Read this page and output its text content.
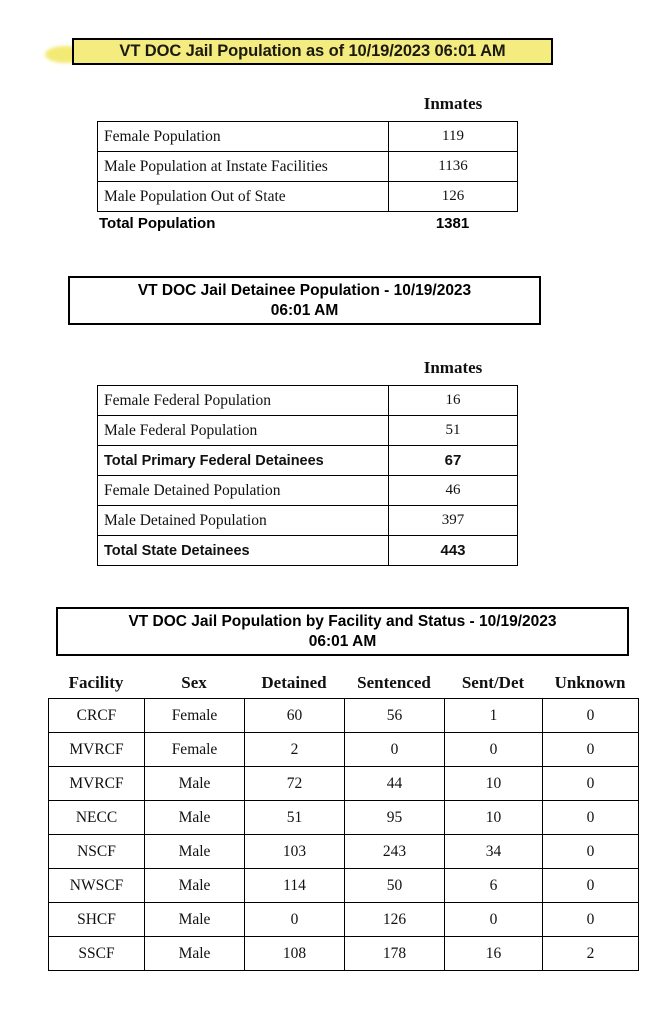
VT DOC Jail Population as of 10/19/2023 06:01 AM
Inmates
Female Population	119
Male Population at Instate Facilities	1136
Male Population Out of State	126
Total Population	1381
VT DOC Jail Detainee Population - 10/19/2023
06:01 AM
Inmates
Female Federal Population	16
Male Federal Population	51
Total Primary Federal Detainees	67
Female Detained Population	46
Male Detained Population	397
Total State Detainees	443
VT DOC Jail Population by Facility and Status - 10/19/2023
06:01 AM
Facility	Sex	Detained	Sentenced	Sent/Det	Unknown
CRCF	Female	60	56	1	0
MVRCF	Female	2	0	0	0
MVRCF	Male	72	44	10	0
NECC	Male	51	95	10	0
NSCF	Male	103	243	34	0
NWSCF	Male	114	50	6	0
SHCF	Male	0	126	0	0
SSCF	Male	108	178	16	2
